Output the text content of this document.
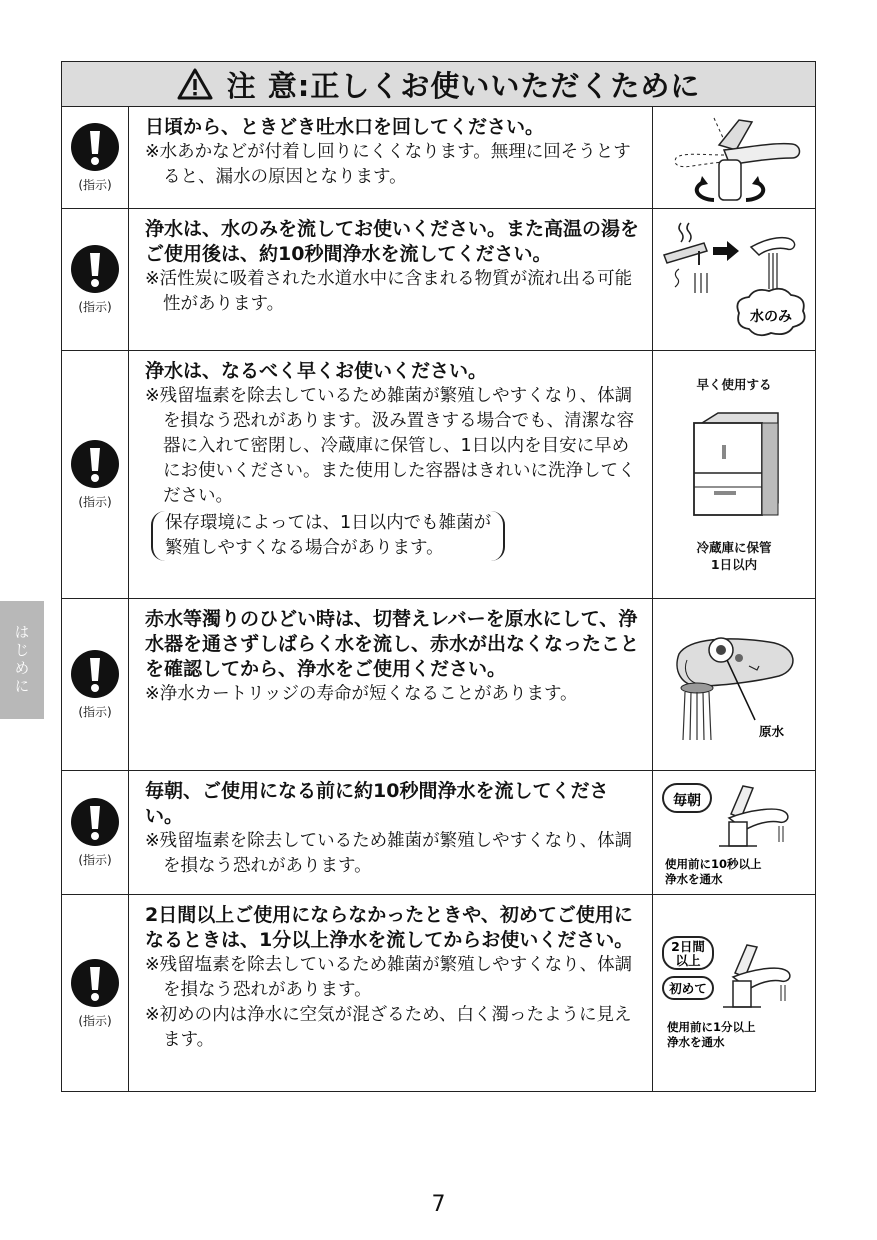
はじめに
注 意:正しくお使いいただくために
(指示)

日頃から、ときどき吐水口を回してください。

※水あかなどが付着し回りにくくなります。無理に回そうとすると、漏水の原因となります。

(指示)

浄水は、水のみを流してお使いください。また高温の湯をご使用後は、約10秒間浄水を流してください。

※活性炭に吸着された水道水中に含まれる物質が流れ出る可能性があります。

水のみ
(指示)

浄水は、なるべく早くお使いください。

※残留塩素を除去しているため雑菌が繁殖しやすくなり、体調を損なう恐れがあります。汲み置きする場合でも、清潔な容器に入れて密閉し、冷蔵庫に保管し、1日以内を目安に早めにお使いください。また使用した容器はきれいに洗浄してください。

保存環境によっては、1日以内でも雑菌が
繁殖しやすくなる場合があります。
早く使用する
冷蔵庫に保管
1日以内
(指示)

赤水等濁りのひどい時は、切替えレバーを原水にして、浄水器を通さずしばらく水を流し、赤水が出なくなったことを確認してから、浄水をご使用ください。

※浄水カートリッジの寿命が短くなることがあります。

原水
(指示)

毎朝、ご使用になる前に約10秒間浄水を流してください。

※残留塩素を除去しているため雑菌が繁殖しやすくなり、体調を損なう恐れがあります。

毎朝
使用前に10秒以上
浄水を通水
(指示)

2日間以上ご使用にならなかったときや、初めてご使用になるときは、1分以上浄水を流してからお使いください。

※残留塩素を除去しているため雑菌が繁殖しやすくなり、体調を損なう恐れがあります。

※初めの内は浄水に空気が混ざるため、白く濁ったように見えます。

2日間
以上
初めて
使用前に1分以上
浄水を通水
7
